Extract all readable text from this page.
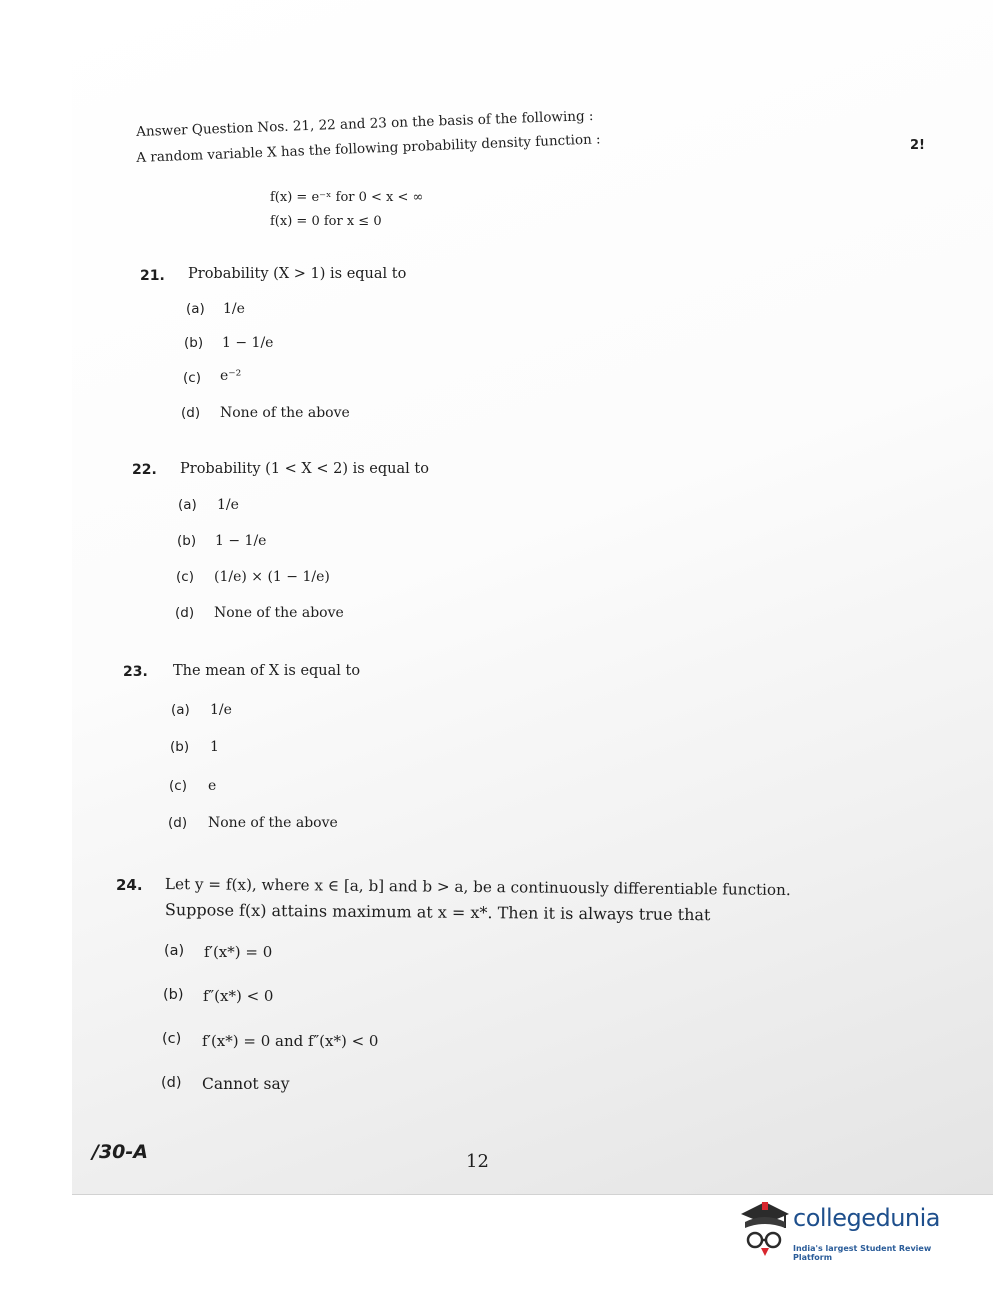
2!
Answer Question Nos. 21, 22 and 23 on the basis of the following :
A random variable X has the following probability density function :
f(x) = e⁻ˣ for 0 < x < ∞
f(x) = 0 for x ≤ 0
21. Probability (X > 1) is equal to
(a) 1/e
(b) 1 − 1/e
(c) e⁻²
(d) None of the above
22. Probability (1 < X < 2) is equal to
(a) 1/e
(b) 1 − 1/e
(c) (1/e) × (1 − 1/e)
(d) None of the above
23. The mean of X is equal to
(a) 1/e
(b) 1
(c) e
(d) None of the above
24. Let y = f(x), where x ∈ [a, b] and b > a, be a continuously differentiable function.
Suppose f(x) attains maximum at x = x*. Then it is always true that
(a) f′(x*) = 0
(b) f″(x*) < 0
(c) f′(x*) = 0 and f″(x*) < 0
(d) Cannot say
/30-A	12
collegedunia
India's largest Student Review Platform
